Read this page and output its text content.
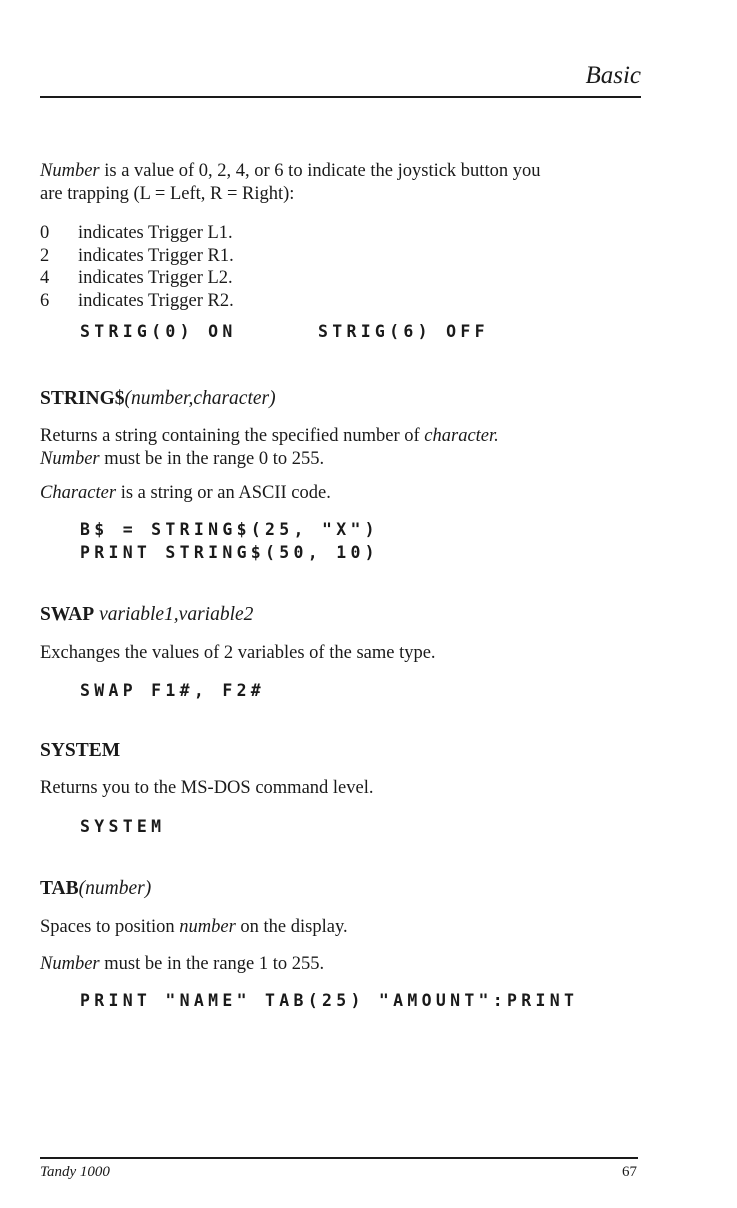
Basic
Number is a value of 0, 2, 4, or 6 to indicate the joystick button you
are trapping (L = Left, R = Right):
0	indicates Trigger L1.
2	indicates Trigger R1.
4	indicates Trigger L2.
6	indicates Trigger R2.
STRIG(0) ON	STRIG(6) OFF
STRING$(number,character)
Returns a string containing the specified number of character.
Number must be in the range 0 to 255.
Character is a string or an ASCII code.
B$ = STRING$(25, "X")
PRINT STRING$(50, 10)
SWAP variable1,variable2
Exchanges the values of 2 variables of the same type.
SWAP F1#, F2#
SYSTEM
Returns you to the MS-DOS command level.
SYSTEM
TAB(number)
Spaces to position number on the display.
Number must be in the range 1 to 255.
PRINT "NAME" TAB(25) "AMOUNT":PRINT
Tandy 1000	67
